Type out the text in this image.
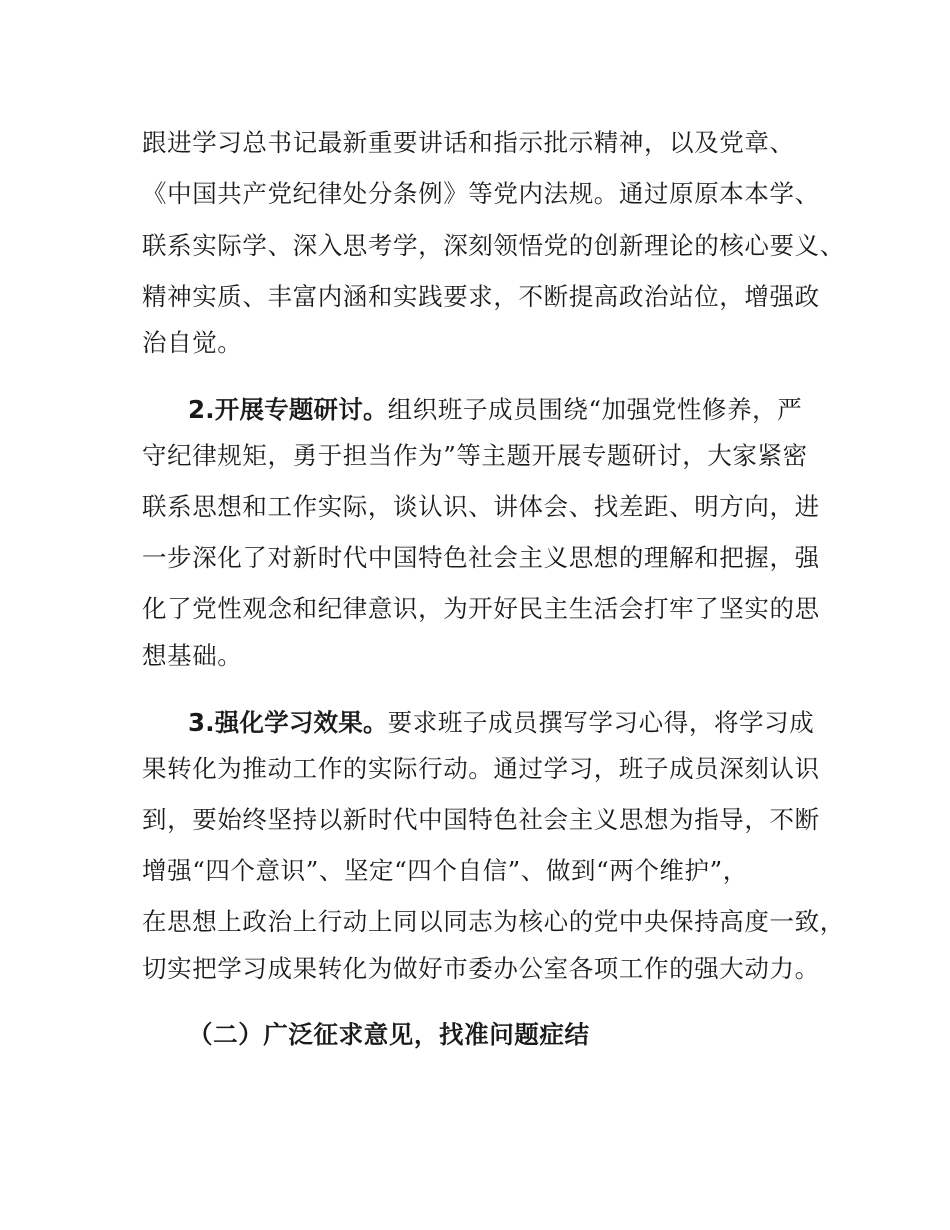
跟进学习总书记最新重要讲话和指示批示精神，以及党章、
《中国共产党纪律处分条例》等党内法规。通过原原本本学、
联系实际学、深入思考学，深刻领悟党的创新理论的核心要义、
精神实质、丰富内涵和实践要求，不断提高政治站位，增强政
治自觉。
2.开展专题研讨。组织班子成员围绕“加强党性修养，严
守纪律规矩，勇于担当作为”等主题开展专题研讨，大家紧密
联系思想和工作实际，谈认识、讲体会、找差距、明方向，进
一步深化了对新时代中国特色社会主义思想的理解和把握，强
化了党性观念和纪律意识，为开好民主生活会打牢了坚实的思
想基础。
3.强化学习效果。要求班子成员撰写学习心得，将学习成
果转化为推动工作的实际行动。通过学习，班子成员深刻认识
到，要始终坚持以新时代中国特色社会主义思想为指导，不断
增强“四个意识”、坚定“四个自信”、做到“两个维护”，
在思想上政治上行动上同以同志为核心的党中央保持高度一致，
切实把学习成果转化为做好市委办公室各项工作的强大动力。
（二）广泛征求意见，找准问题症结
